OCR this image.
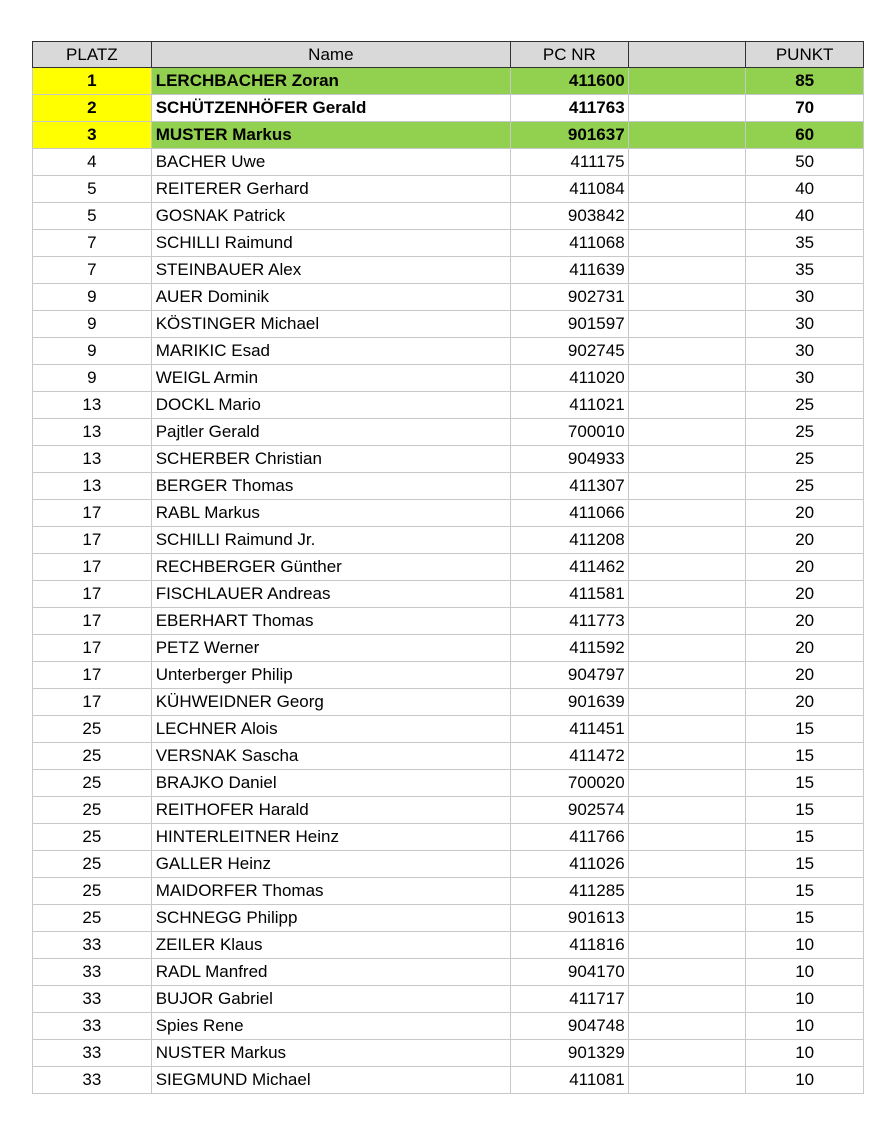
PLATZ	Name	PC NR		PUNKT
1	LERCHBACHER Zoran	411600		85
2	SCHÜTZENHÖFER Gerald	411763		70
3	MUSTER Markus	901637		60
4	BACHER Uwe	411175		50
5	REITERER Gerhard	411084		40
5	GOSNAK Patrick	903842		40
7	SCHILLI Raimund	411068		35
7	STEINBAUER Alex	411639		35
9	AUER Dominik	902731		30
9	KÖSTINGER Michael	901597		30
9	MARIKIC Esad	902745		30
9	WEIGL Armin	411020		30
13	DOCKL Mario	411021		25
13	Pajtler Gerald	700010		25
13	SCHERBER Christian	904933		25
13	BERGER Thomas	411307		25
17	RABL Markus	411066		20
17	SCHILLI Raimund Jr.	411208		20
17	RECHBERGER Günther	411462		20
17	FISCHLAUER Andreas	411581		20
17	EBERHART Thomas	411773		20
17	PETZ Werner	411592		20
17	Unterberger Philip	904797		20
17	KÜHWEIDNER Georg	901639		20
25	LECHNER Alois	411451		15
25	VERSNAK Sascha	411472		15
25	BRAJKO Daniel	700020		15
25	REITHOFER Harald	902574		15
25	HINTERLEITNER Heinz	411766		15
25	GALLER Heinz	411026		15
25	MAIDORFER Thomas	411285		15
25	SCHNEGG Philipp	901613		15
33	ZEILER Klaus	411816		10
33	RADL Manfred	904170		10
33	BUJOR Gabriel	411717		10
33	Spies Rene	904748		10
33	NUSTER Markus	901329		10
33	SIEGMUND Michael	411081		10
